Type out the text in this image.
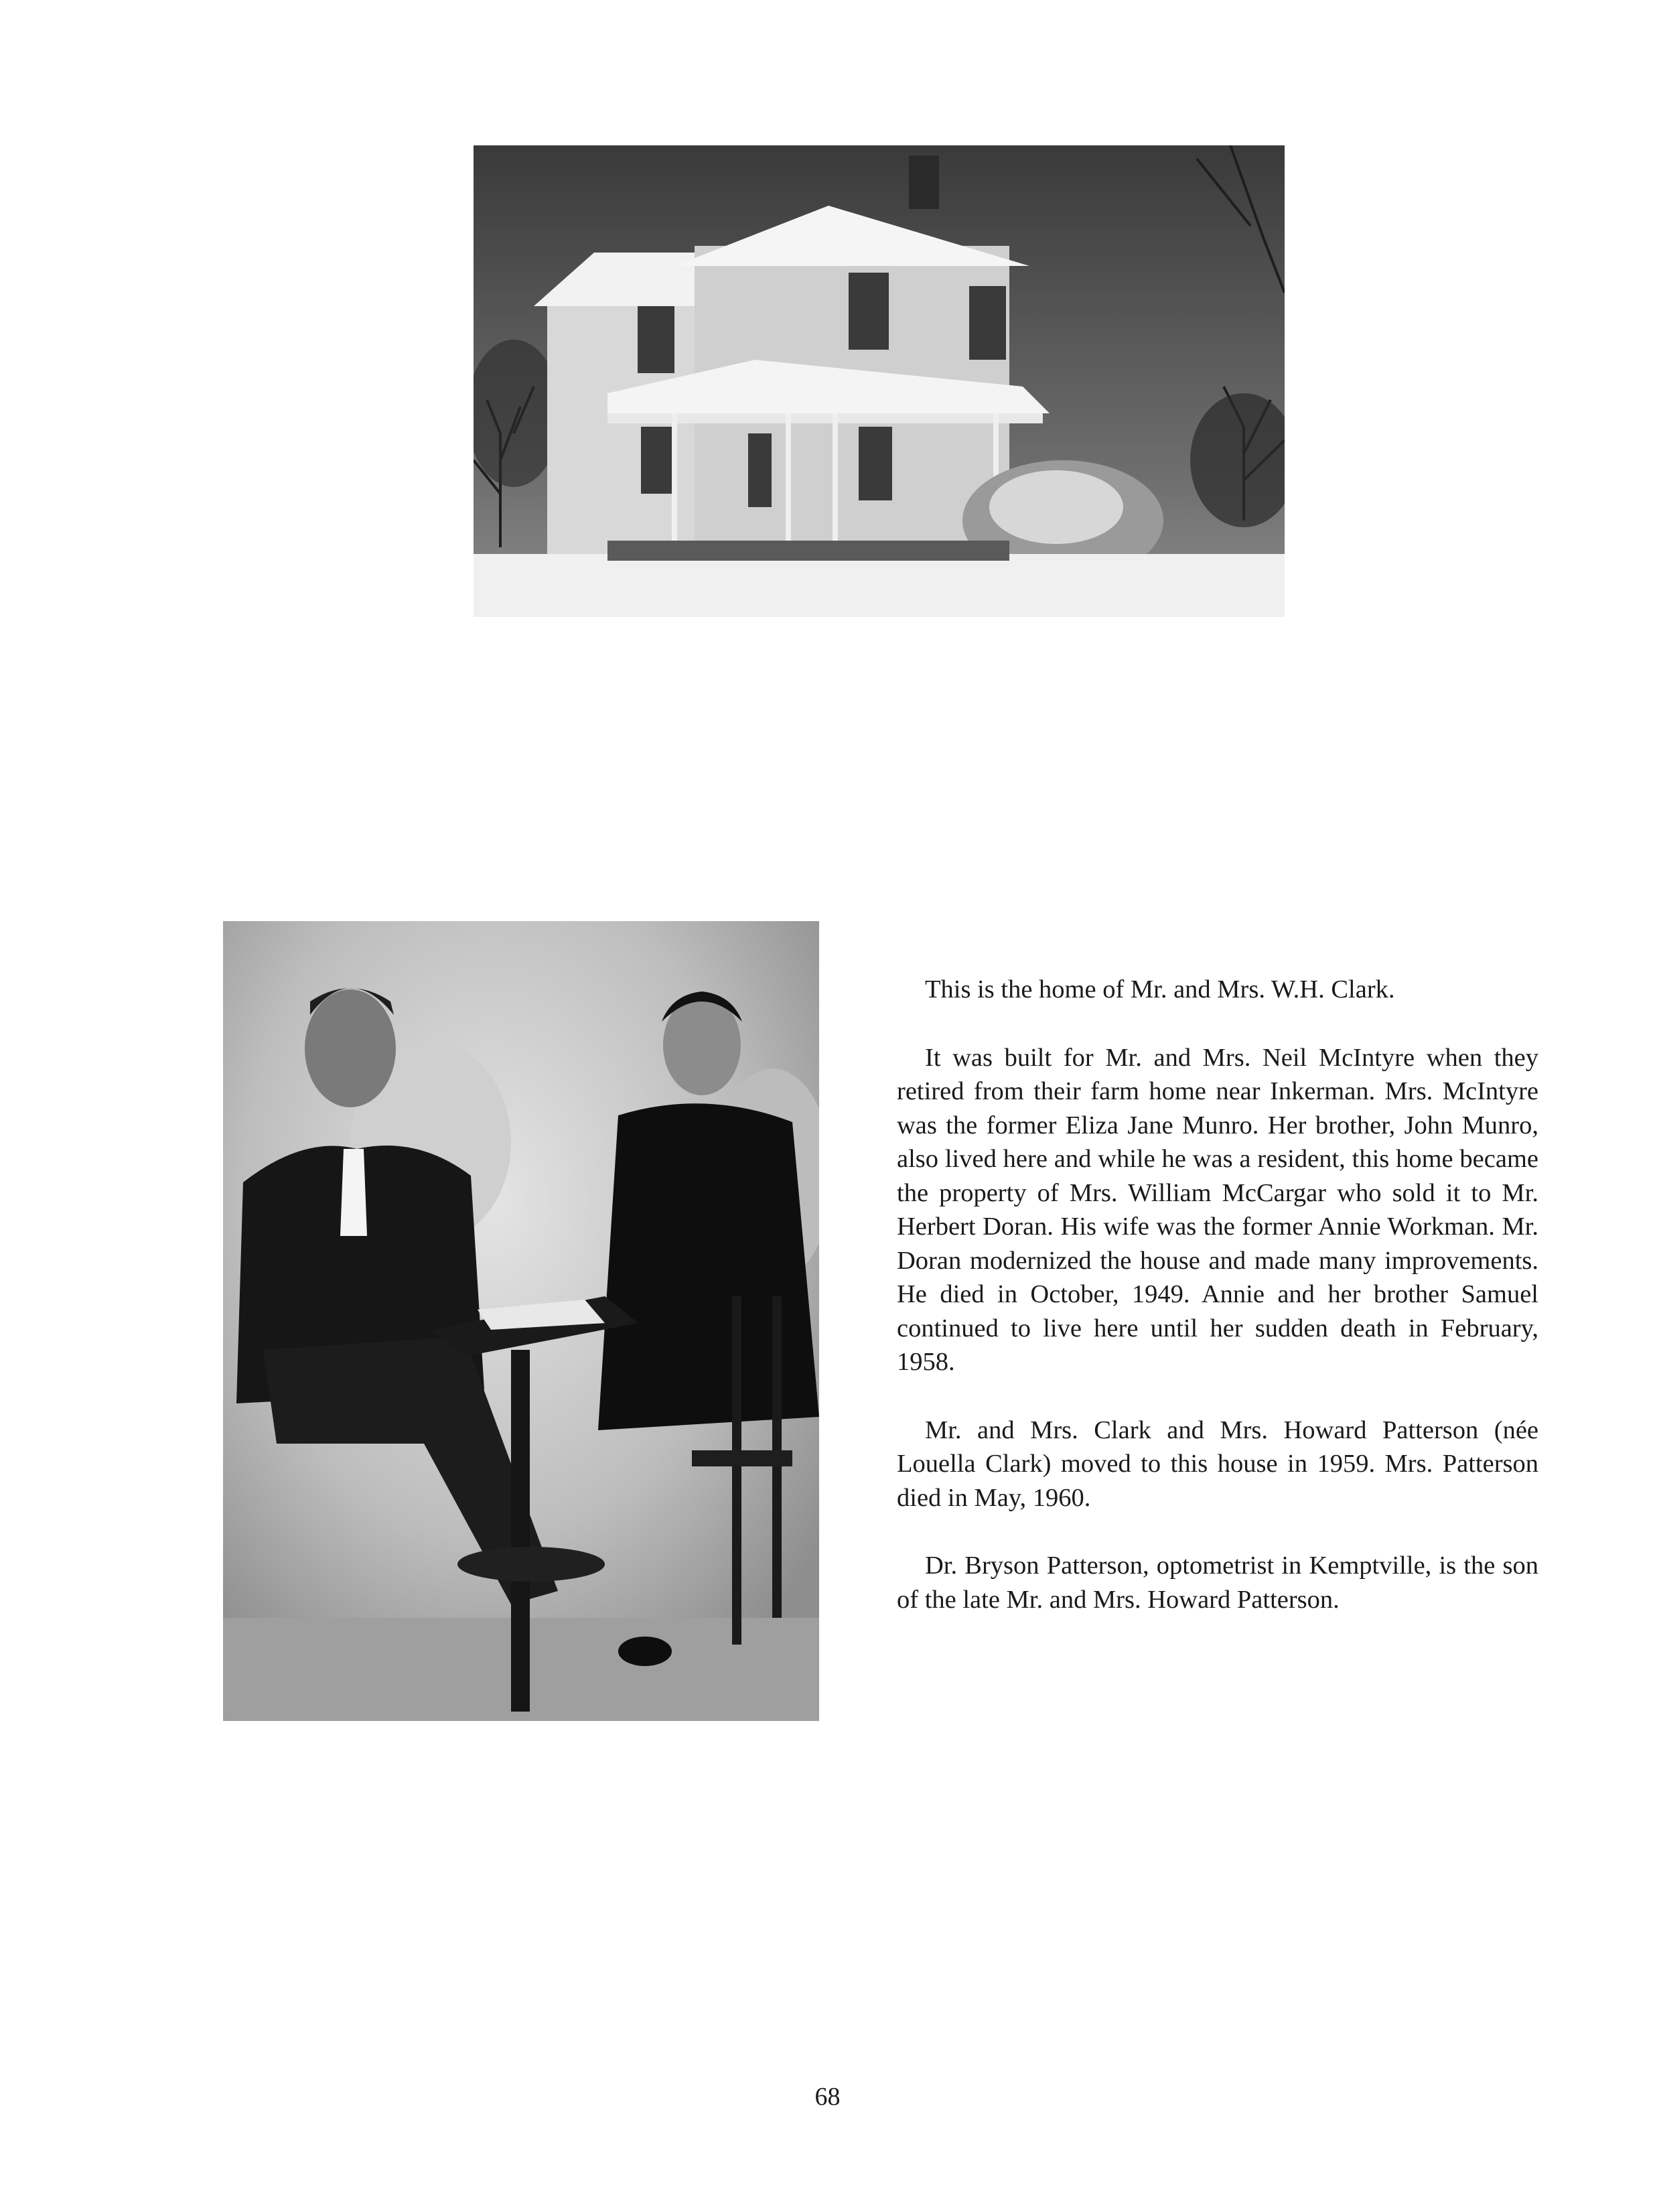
This is the home of Mr. and Mrs. W.H. Clark.

It was built for Mr. and Mrs. Neil McIntyre when they retired from their farm home near Inkerman. Mrs. McIntyre was the former Eliza Jane Munro. Her brother, John Munro, also lived here and while he was a resident, this home became the property of Mrs. William McCargar who sold it to Mr. Herbert Doran. His wife was the former Annie Workman. Mr. Doran modernized the house and made many improvements. He died in October, 1949. Annie and her brother Samuel continued to live here until her sudden death in February, 1958.

Mr. and Mrs. Clark and Mrs. Howard Patterson (née Louella Clark) moved to this house in 1959. Mrs. Patterson died in May, 1960.

Dr. Bryson Patterson, optometrist in Kemptville, is the son of the late Mr. and Mrs. Howard Patterson.

68
